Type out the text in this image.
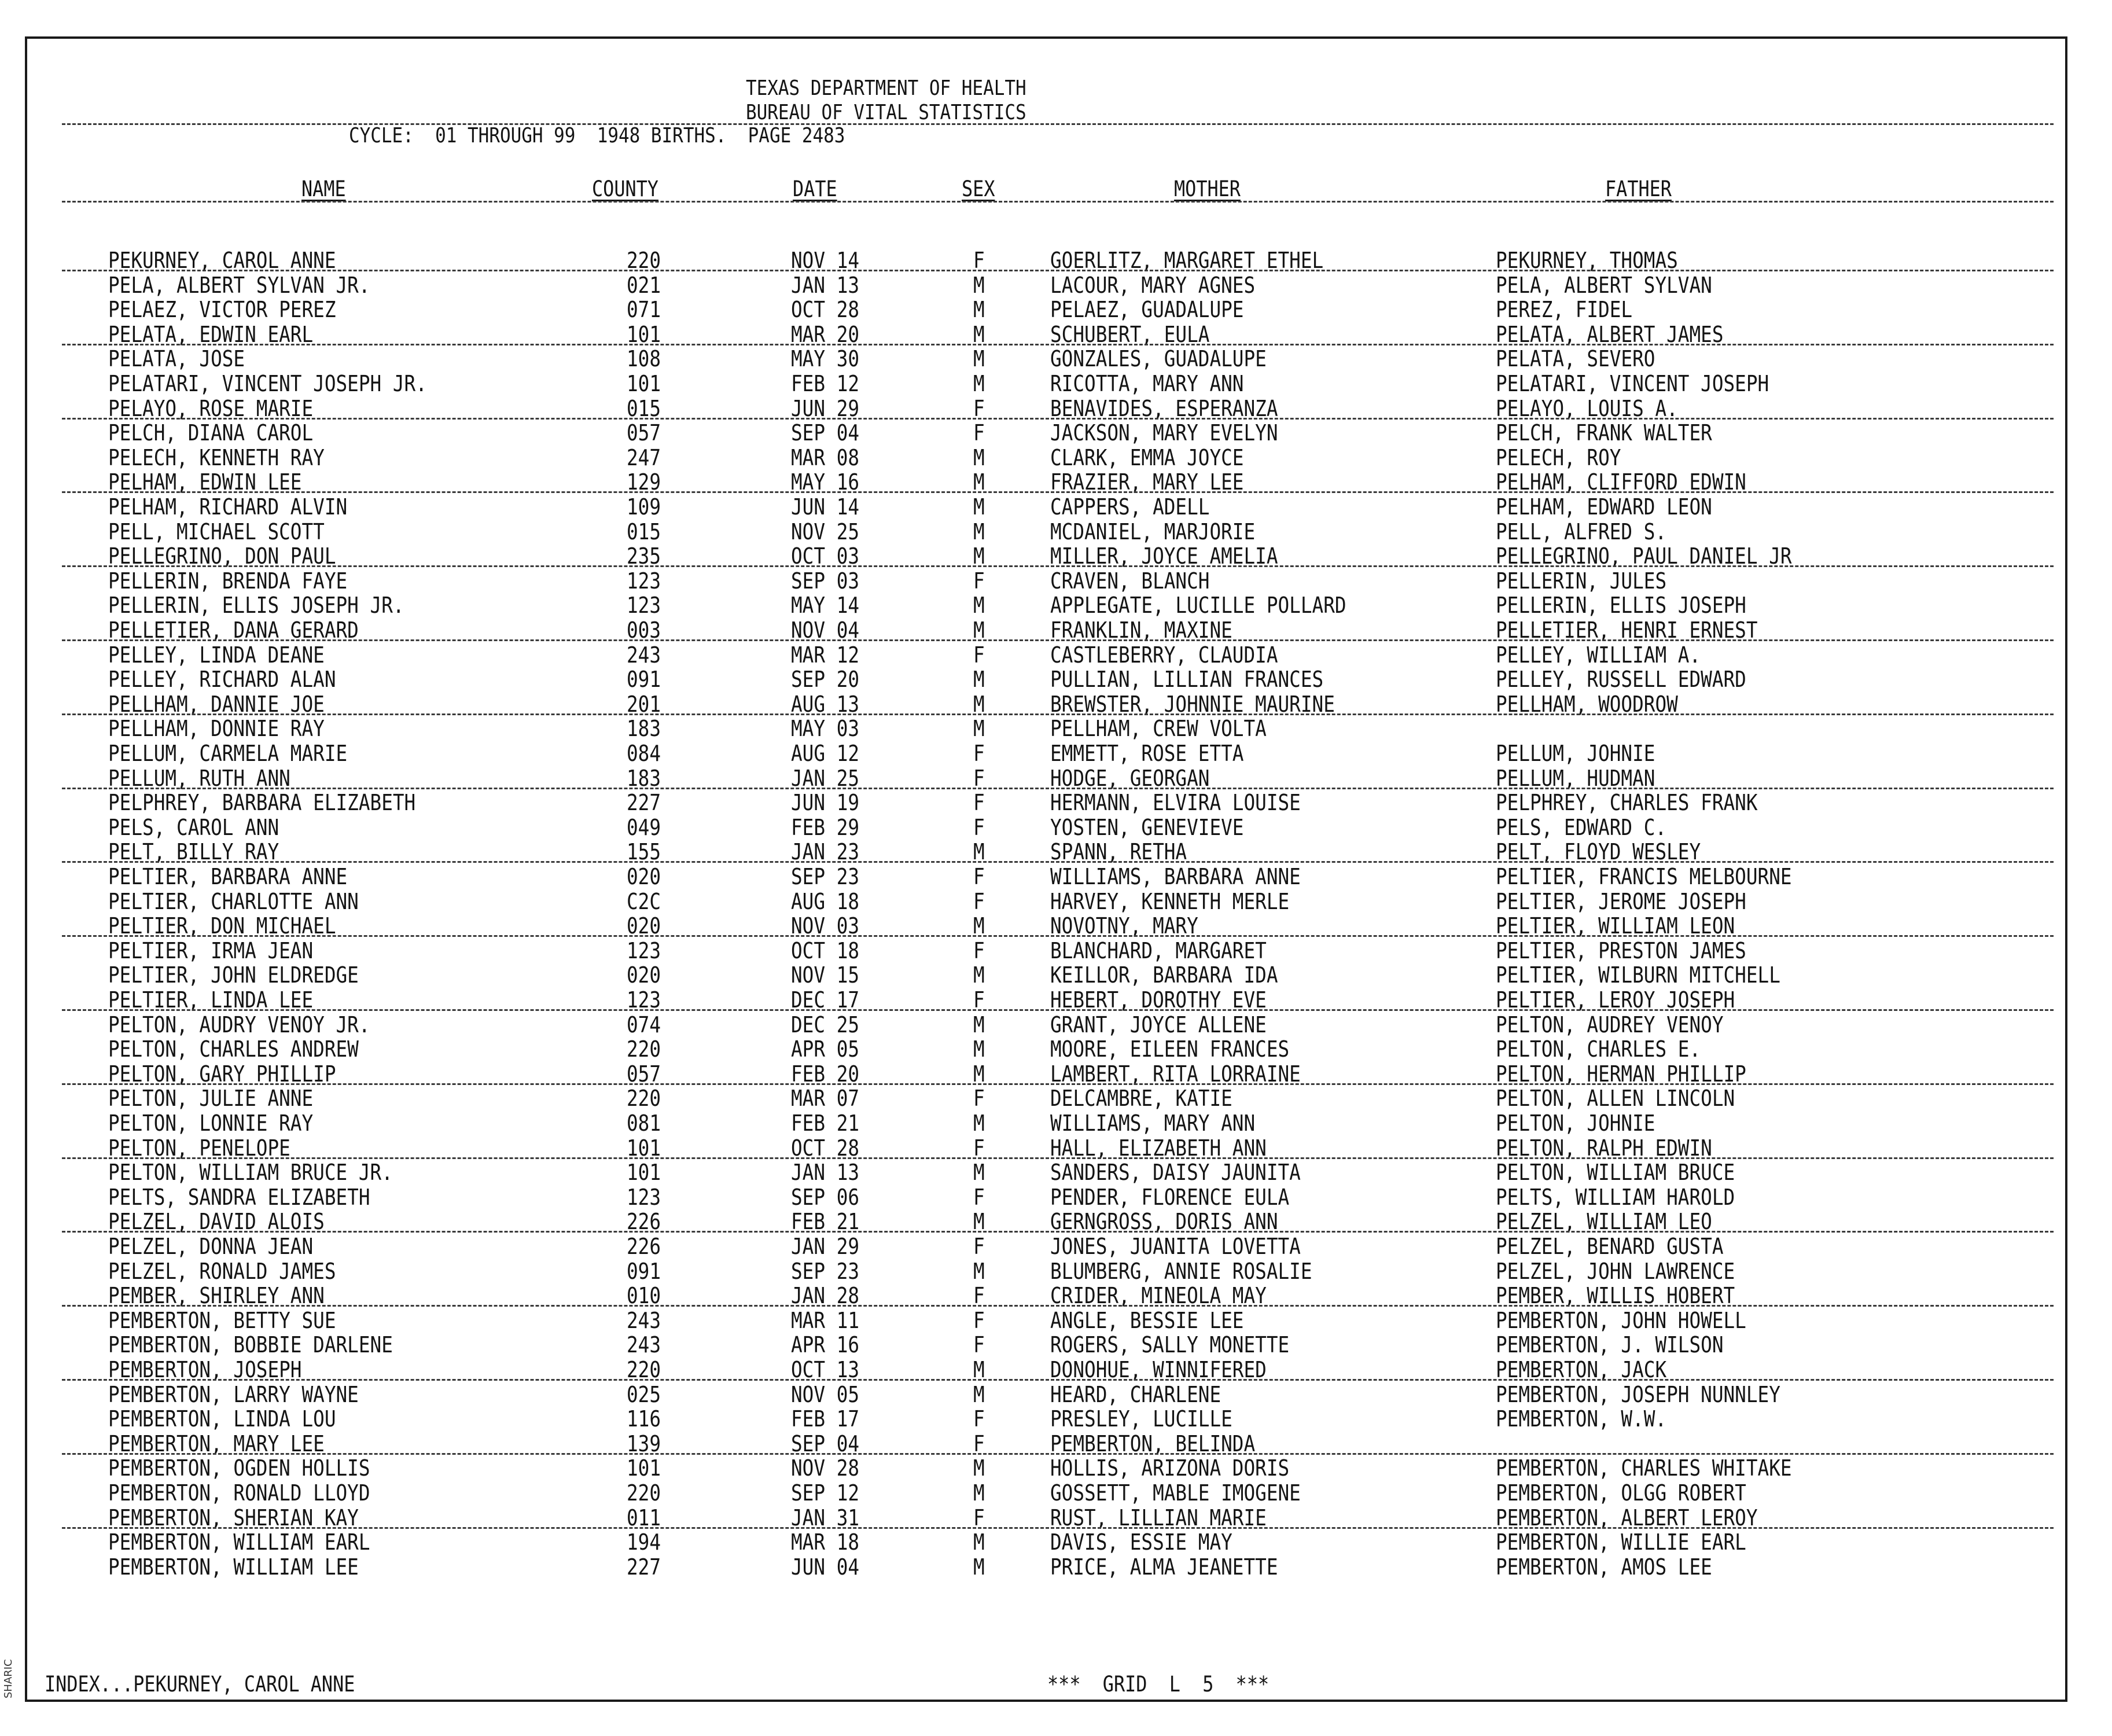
SHARIC
TEXAS DEPARTMENT OF HEALTH
BUREAU OF VITAL STATISTICS
CYCLE:  01 THROUGH 99  1948 BIRTHS.  PAGE 2483
NAME	COUNTY	DATE	SEX	MOTHER	FATHER
PEKURNEY, CAROL ANNE	220	NOV 14	F	GOERLITZ, MARGARET ETHEL	PEKURNEY, THOMAS
PELA, ALBERT SYLVAN JR.	021	JAN 13	M	LACOUR, MARY AGNES	PELA, ALBERT SYLVAN
PELAEZ, VICTOR PEREZ	071	OCT 28	M	PELAEZ, GUADALUPE	PEREZ, FIDEL
PELATA, EDWIN EARL	101	MAR 20	M	SCHUBERT, EULA	PELATA, ALBERT JAMES
PELATA, JOSE	108	MAY 30	M	GONZALES, GUADALUPE	PELATA, SEVERO
PELATARI, VINCENT JOSEPH JR.	101	FEB 12	M	RICOTTA, MARY ANN	PELATARI, VINCENT JOSEPH
PELAYO, ROSE MARIE	015	JUN 29	F	BENAVIDES, ESPERANZA	PELAYO, LOUIS A.
PELCH, DIANA CAROL	057	SEP 04	F	JACKSON, MARY EVELYN	PELCH, FRANK WALTER
PELECH, KENNETH RAY	247	MAR 08	M	CLARK, EMMA JOYCE	PELECH, ROY
PELHAM, EDWIN LEE	129	MAY 16	M	FRAZIER, MARY LEE	PELHAM, CLIFFORD EDWIN
PELHAM, RICHARD ALVIN	109	JUN 14	M	CAPPERS, ADELL	PELHAM, EDWARD LEON
PELL, MICHAEL SCOTT	015	NOV 25	M	MCDANIEL, MARJORIE	PELL, ALFRED S.
PELLEGRINO, DON PAUL	235	OCT 03	M	MILLER, JOYCE AMELIA	PELLEGRINO, PAUL DANIEL JR
PELLERIN, BRENDA FAYE	123	SEP 03	F	CRAVEN, BLANCH	PELLERIN, JULES
PELLERIN, ELLIS JOSEPH JR.	123	MAY 14	M	APPLEGATE, LUCILLE POLLARD	PELLERIN, ELLIS JOSEPH
PELLETIER, DANA GERARD	003	NOV 04	M	FRANKLIN, MAXINE	PELLETIER, HENRI ERNEST
PELLEY, LINDA DEANE	243	MAR 12	F	CASTLEBERRY, CLAUDIA	PELLEY, WILLIAM A.
PELLEY, RICHARD ALAN	091	SEP 20	M	PULLIAN, LILLIAN FRANCES	PELLEY, RUSSELL EDWARD
PELLHAM, DANNIE JOE	201	AUG 13	M	BREWSTER, JOHNNIE MAURINE	PELLHAM, WOODROW
PELLHAM, DONNIE RAY	183	MAY 03	M	PELLHAM, CREW VOLTA
PELLUM, CARMELA MARIE	084	AUG 12	F	EMMETT, ROSE ETTA	PELLUM, JOHNIE
PELLUM, RUTH ANN	183	JAN 25	F	HODGE, GEORGAN	PELLUM, HUDMAN
PELPHREY, BARBARA ELIZABETH	227	JUN 19	F	HERMANN, ELVIRA LOUISE	PELPHREY, CHARLES FRANK
PELS, CAROL ANN	049	FEB 29	F	YOSTEN, GENEVIEVE	PELS, EDWARD C.
PELT, BILLY RAY	155	JAN 23	M	SPANN, RETHA	PELT, FLOYD WESLEY
PELTIER, BARBARA ANNE	020	SEP 23	F	WILLIAMS, BARBARA ANNE	PELTIER, FRANCIS MELBOURNE
PELTIER, CHARLOTTE ANN	C2C	AUG 18	F	HARVEY, KENNETH MERLE	PELTIER, JEROME JOSEPH
PELTIER, DON MICHAEL	020	NOV 03	M	NOVOTNY, MARY	PELTIER, WILLIAM LEON
PELTIER, IRMA JEAN	123	OCT 18	F	BLANCHARD, MARGARET	PELTIER, PRESTON JAMES
PELTIER, JOHN ELDREDGE	020	NOV 15	M	KEILLOR, BARBARA IDA	PELTIER, WILBURN MITCHELL
PELTIER, LINDA LEE	123	DEC 17	F	HEBERT, DOROTHY EVE	PELTIER, LEROY JOSEPH
PELTON, AUDRY VENOY JR.	074	DEC 25	M	GRANT, JOYCE ALLENE	PELTON, AUDREY VENOY
PELTON, CHARLES ANDREW	220	APR 05	M	MOORE, EILEEN FRANCES	PELTON, CHARLES E.
PELTON, GARY PHILLIP	057	FEB 20	M	LAMBERT, RITA LORRAINE	PELTON, HERMAN PHILLIP
PELTON, JULIE ANNE	220	MAR 07	F	DELCAMBRE, KATIE	PELTON, ALLEN LINCOLN
PELTON, LONNIE RAY	081	FEB 21	M	WILLIAMS, MARY ANN	PELTON, JOHNIE
PELTON, PENELOPE	101	OCT 28	F	HALL, ELIZABETH ANN	PELTON, RALPH EDWIN
PELTON, WILLIAM BRUCE JR.	101	JAN 13	M	SANDERS, DAISY JAUNITA	PELTON, WILLIAM BRUCE
PELTS, SANDRA ELIZABETH	123	SEP 06	F	PENDER, FLORENCE EULA	PELTS, WILLIAM HAROLD
PELZEL, DAVID ALOIS	226	FEB 21	M	GERNGROSS, DORIS ANN	PELZEL, WILLIAM LEO
PELZEL, DONNA JEAN	226	JAN 29	F	JONES, JUANITA LOVETTA	PELZEL, BENARD GUSTA
PELZEL, RONALD JAMES	091	SEP 23	M	BLUMBERG, ANNIE ROSALIE	PELZEL, JOHN LAWRENCE
PEMBER, SHIRLEY ANN	010	JAN 28	F	CRIDER, MINEOLA MAY	PEMBER, WILLIS HOBERT
PEMBERTON, BETTY SUE	243	MAR 11	F	ANGLE, BESSIE LEE	PEMBERTON, JOHN HOWELL
PEMBERTON, BOBBIE DARLENE	243	APR 16	F	ROGERS, SALLY MONETTE	PEMBERTON, J. WILSON
PEMBERTON, JOSEPH	220	OCT 13	M	DONOHUE, WINNIFERED	PEMBERTON, JACK
PEMBERTON, LARRY WAYNE	025	NOV 05	M	HEARD, CHARLENE	PEMBERTON, JOSEPH NUNNLEY
PEMBERTON, LINDA LOU	116	FEB 17	F	PRESLEY, LUCILLE	PEMBERTON, W.W.
PEMBERTON, MARY LEE	139	SEP 04	F	PEMBERTON, BELINDA
PEMBERTON, OGDEN HOLLIS	101	NOV 28	M	HOLLIS, ARIZONA DORIS	PEMBERTON, CHARLES WHITAKE
PEMBERTON, RONALD LLOYD	220	SEP 12	M	GOSSETT, MABLE IMOGENE	PEMBERTON, OLGG ROBERT
PEMBERTON, SHERIAN KAY	011	JAN 31	F	RUST, LILLIAN MARIE	PEMBERTON, ALBERT LEROY
PEMBERTON, WILLIAM EARL	194	MAR 18	M	DAVIS, ESSIE MAY	PEMBERTON, WILLIE EARL
PEMBERTON, WILLIAM LEE	227	JUN 04	M	PRICE, ALMA JEANETTE	PEMBERTON, AMOS LEE
INDEX...PEKURNEY, CAROL ANNE	***  GRID  L  5  ***
